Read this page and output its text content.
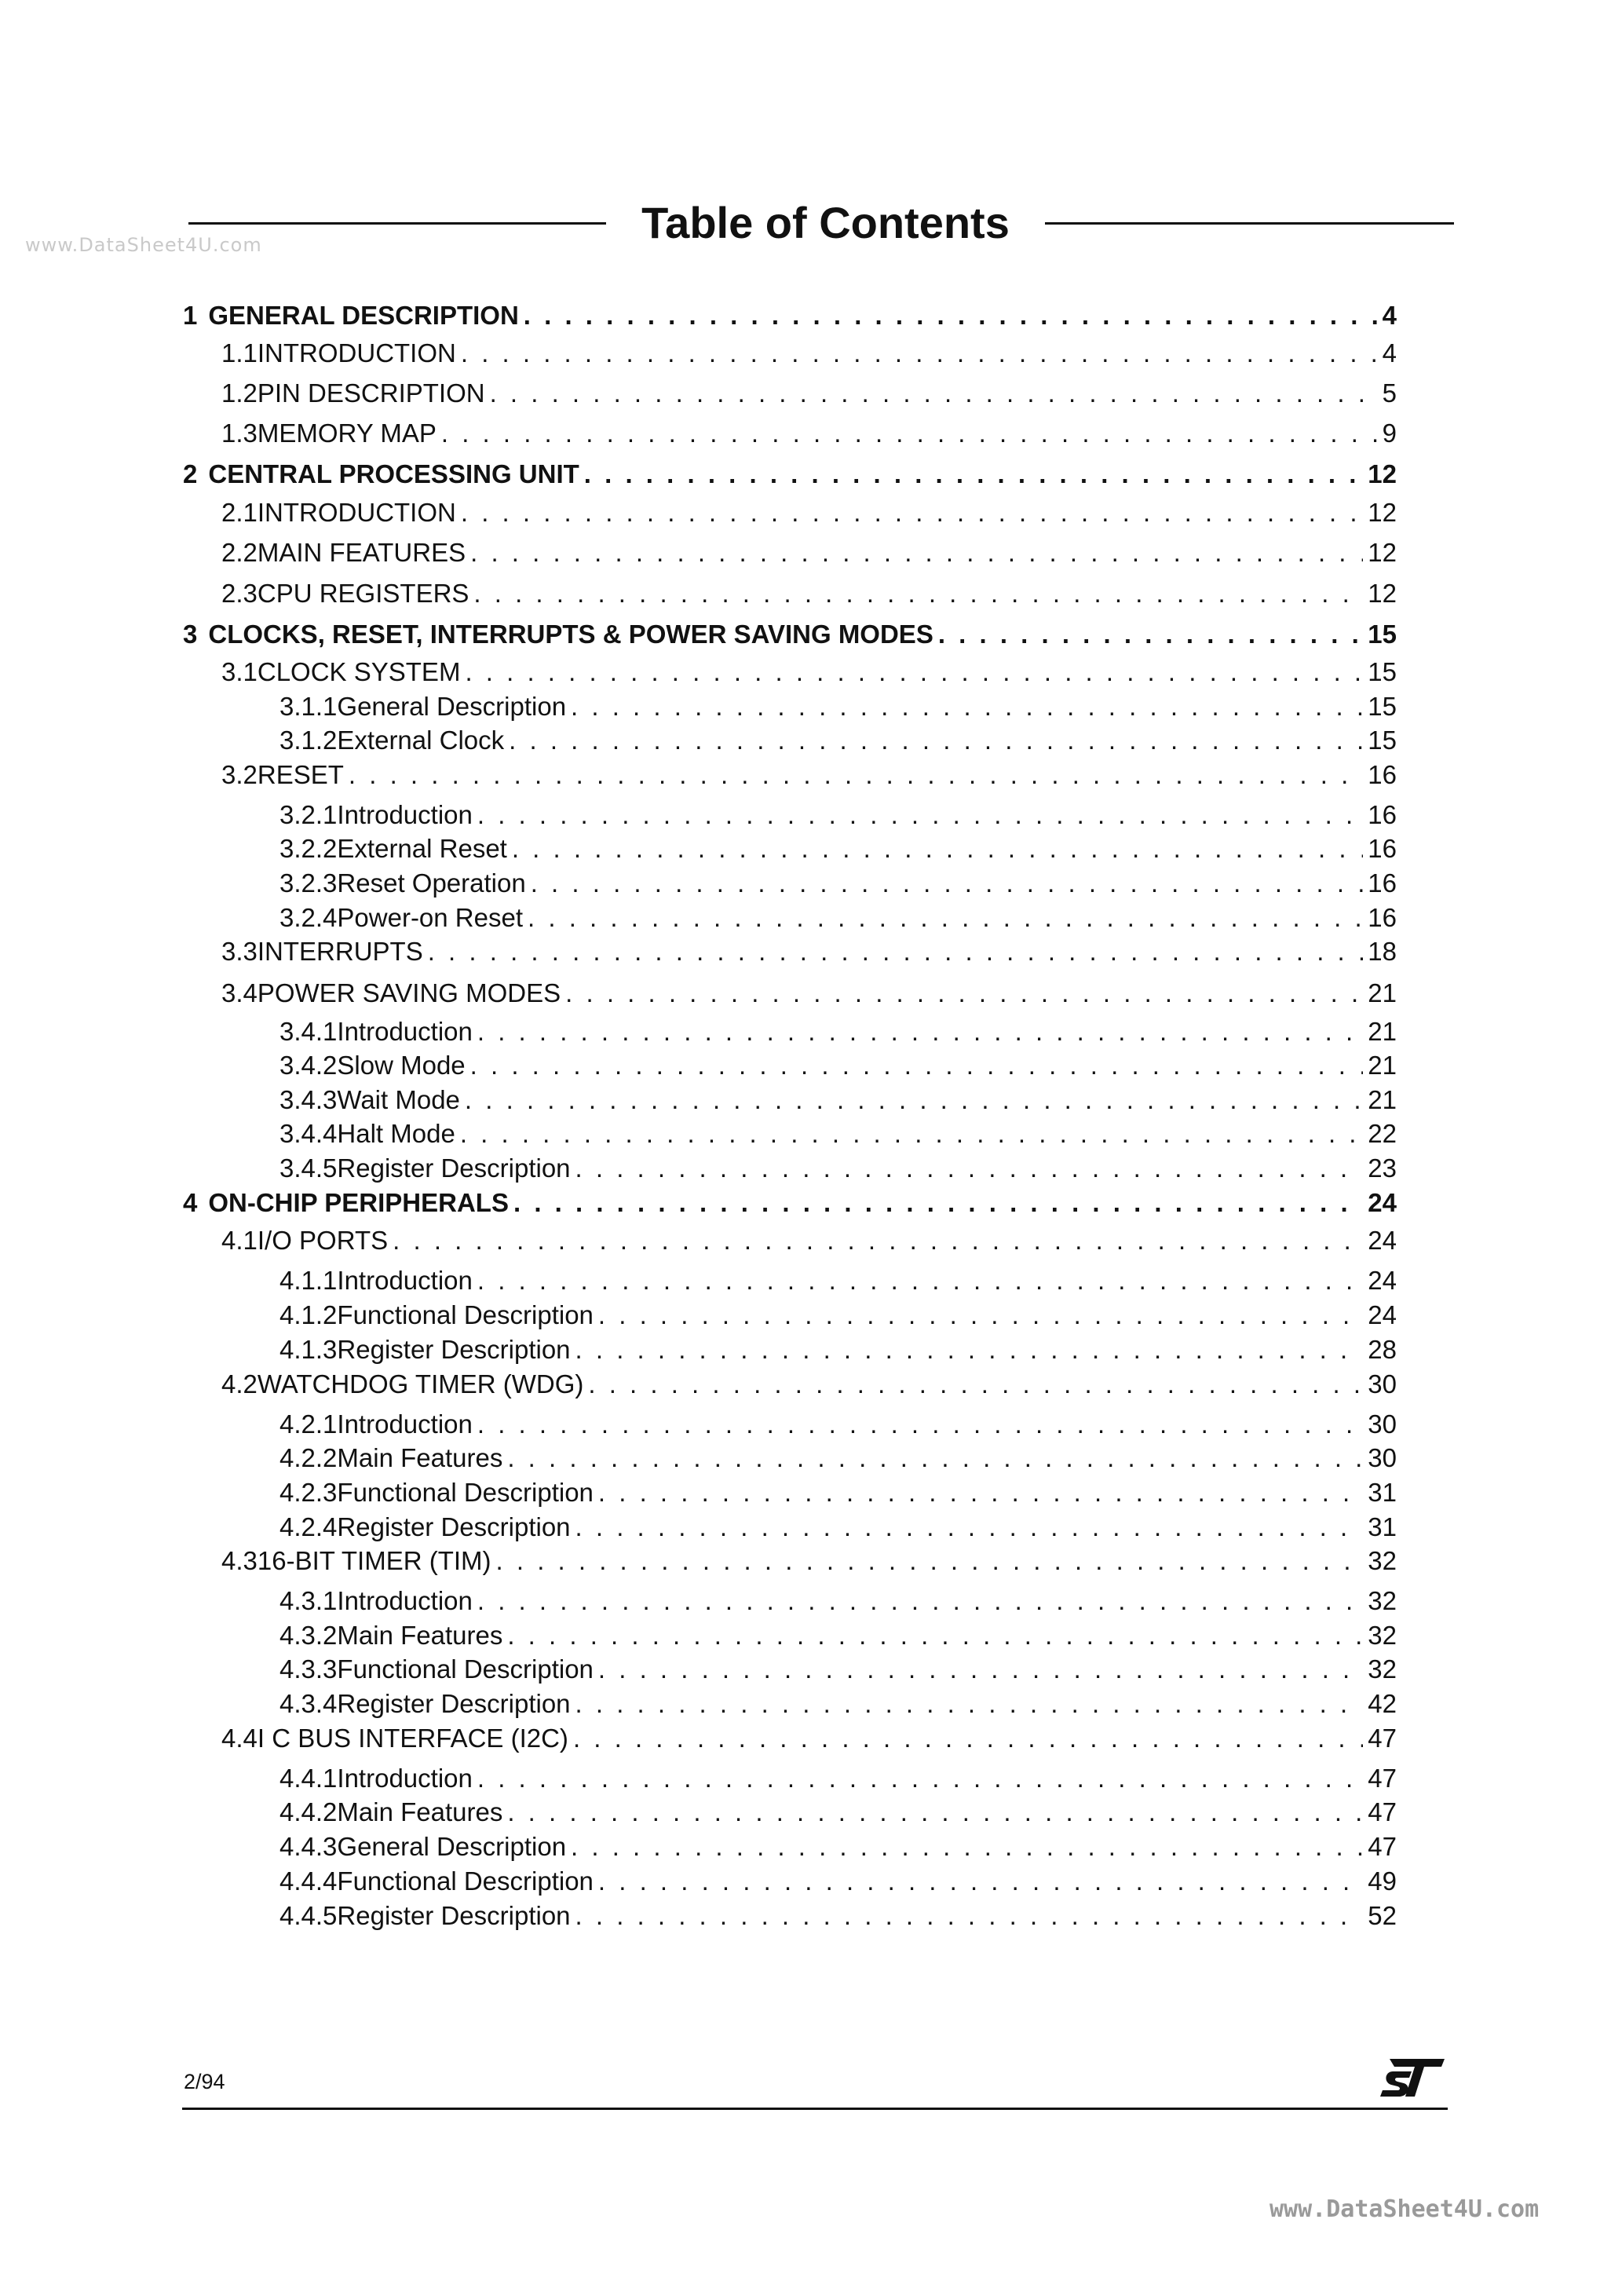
www.DataSheet4U.com	Table of Contents
1 GENERAL DESCRIPTION . . .	4
1.1 INTRODUCTION . . .	4
1.2 PIN DESCRIPTION . . .	5
1.3 MEMORY MAP . . .	9
2 CENTRAL PROCESSING UNIT . . .	12
2.1 INTRODUCTION . . .	12
2.2 MAIN FEATURES . . .	12
2.3 CPU REGISTERS . . .	12
3 CLOCKS, RESET, INTERRUPTS & POWER SAVING MODES . . .	15
3.1 CLOCK SYSTEM . . .	15
3.1.1 General Description . . .	15
3.1.2 External Clock . . .	15
3.2 RESET . . .	16
3.2.1 Introduction . . .	16
3.2.2 External Reset . . .	16
3.2.3 Reset Operation . . .	16
3.2.4 Power-on Reset . . .	16
3.3 INTERRUPTS . . .	18
3.4 POWER SAVING MODES . . .	21
3.4.1 Introduction . . .	21
3.4.2 Slow Mode . . .	21
3.4.3 Wait Mode . . .	21
3.4.4 Halt Mode . . .	22
3.4.5 Register Description . . .	23
4 ON-CHIP PERIPHERALS . . .	24
4.1 I/O PORTS . . .	24
4.1.1 Introduction . . .	24
4.1.2 Functional Description . . .	24
4.1.3 Register Description . . .	28
4.2 WATCHDOG TIMER (WDG) . . .	30
4.2.1 Introduction . . .	30
4.2.2 Main Features . . .	30
4.2.3 Functional Description . . .	31
4.2.4 Register Description . . .	31
4.3 16-BIT TIMER (TIM) . . .	32
4.3.1 Introduction . . .	32
4.3.2 Main Features . . .	32
4.3.3 Functional Description . . .	32
4.3.4 Register Description . . .	42
4.4 I C BUS INTERFACE (I2C) . . .	47
4.4.1 Introduction . . .	47
4.4.2 Main Features . . .	47
4.4.3 General Description . . .	47
4.4.4 Functional Description . . .	49
4.4.5 Register Description . . .	52
2/94
www.DataSheet4U.com
